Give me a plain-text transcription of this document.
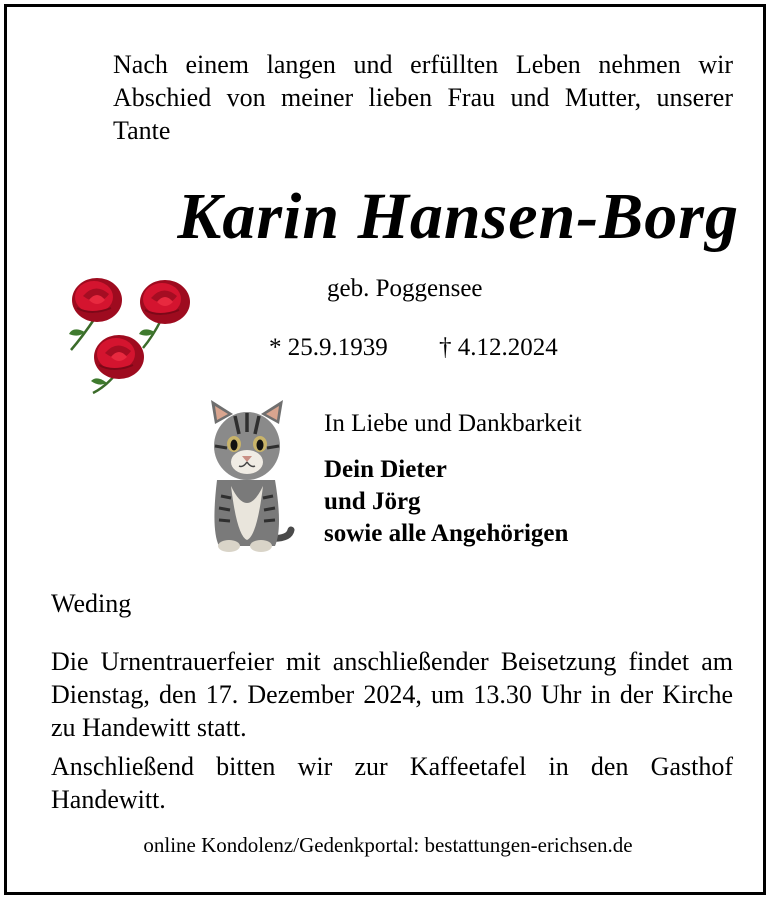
Nach einem langen und erfüllten Leben nehmen wir Abschied von meiner lieben Frau und Mutter, unserer Tante
Karin Hansen-Borg
geb. Poggensee
* 25.9.1939 † 4.12.2024
In Liebe und Dankbarkeit
Dein Dieter
und Jörg
sowie alle Angehörigen
Weding

Die Urnentrauerfeier mit anschließender Beisetzung findet am Dienstag, den 17. Dezember 2024, um 13.30 Uhr in der Kirche zu Handewitt statt.

Anschließend bitten wir zur Kaffeetafel in den Gasthof Handewitt.

online Kondolenz/Gedenkportal: bestattungen-erichsen.de
